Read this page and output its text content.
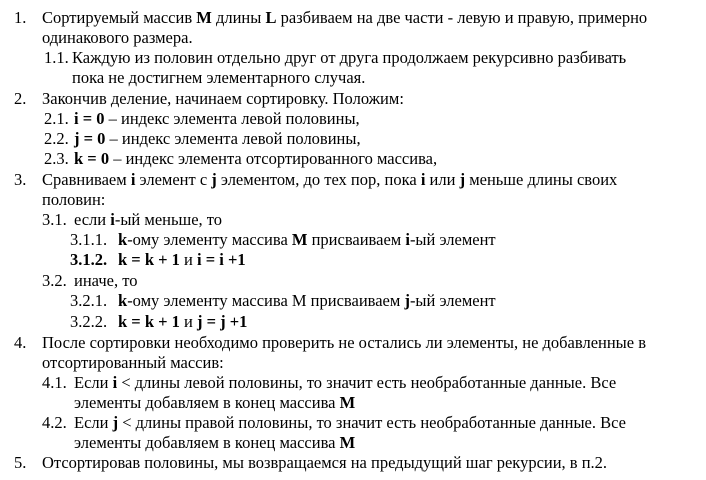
1. Сортируемый массив M длины L разбиваем на две части - левую и правую, примерно
одинакового размера.
1.1. Каждую из половин отдельно друг от друга продолжаем рекурсивно разбивать
пока не достигнем элементарного случая.
2. Закончив деление, начинаем сортировку. Положим:
2.1. i = 0 – индекс элемента левой половины,
2.2. j = 0 – индекс элемента левой половины,
2.3. k = 0 – индекс элемента отсортированного массива,
3. Сравниваем i элемент с j элементом, до тех пор, пока i или j меньше длины своих
половин:
3.1. если i-ый меньше, то
3.1.1. k-ому элементу массива M присваиваем i-ый элемент
3.1.2. k = k + 1 и i = i +1
3.2. иначе, то
3.2.1. k-ому элементу массива M присваиваем j-ый элемент
3.2.2. k = k + 1 и j = j +1
4. После сортировки необходимо проверить не остались ли элементы, не добавленные в
отсортированный массив:
4.1. Если i < длины левой половины, то значит есть необработанные данные. Все
элементы добавляем в конец массива M
4.2. Если j < длины правой половины, то значит есть необработанные данные. Все
элементы добавляем в конец массива M
5. Отсортировав половины, мы возвращаемся на предыдущий шаг рекурсии, в п.2.
